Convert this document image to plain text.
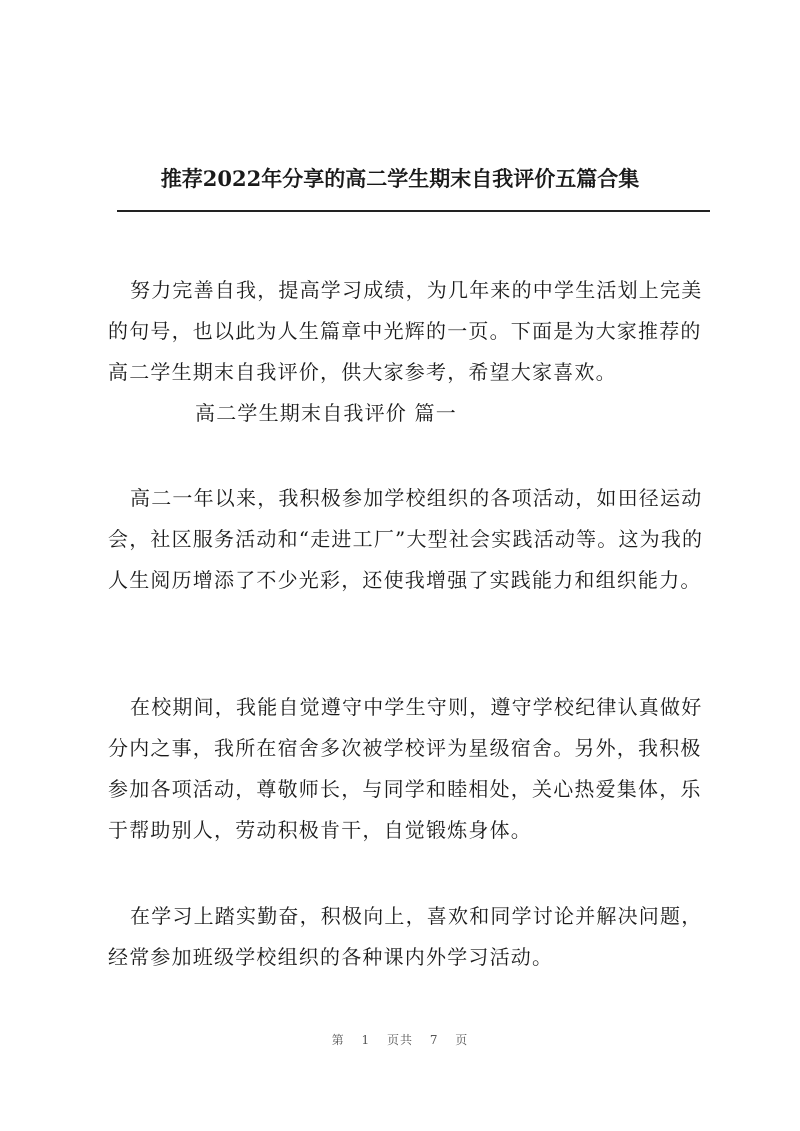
推荐2022年分享的高二学生期末自我评价五篇合集

努力完善自我，提高学习成绩，为几年来的中学生活划上完美的句号，也以此为人生篇章中光辉的一页。下面是为大家推荐的高二学生期末自我评价，供大家参考，希望大家喜欢。

高二学生期末自我评价 篇一

高二一年以来，我积极参加学校组织的各项活动，如田径运动会，社区服务活动和“走进工厂”大型社会实践活动等。这为我的人生阅历增添了不少光彩，还使我增强了实践能力和组织能力。

在校期间，我能自觉遵守中学生守则，遵守学校纪律认真做好分内之事，我所在宿舍多次被学校评为星级宿舍。另外，我积极参加各项活动，尊敬师长，与同学和睦相处，关心热爱集体，乐于帮助别人，劳动积极肯干，自觉锻炼身体。

在学习上踏实勤奋，积极向上，喜欢和同学讨论并解决问题，经常参加班级学校组织的各种课内外学习活动。

第 1 页共 7 页
